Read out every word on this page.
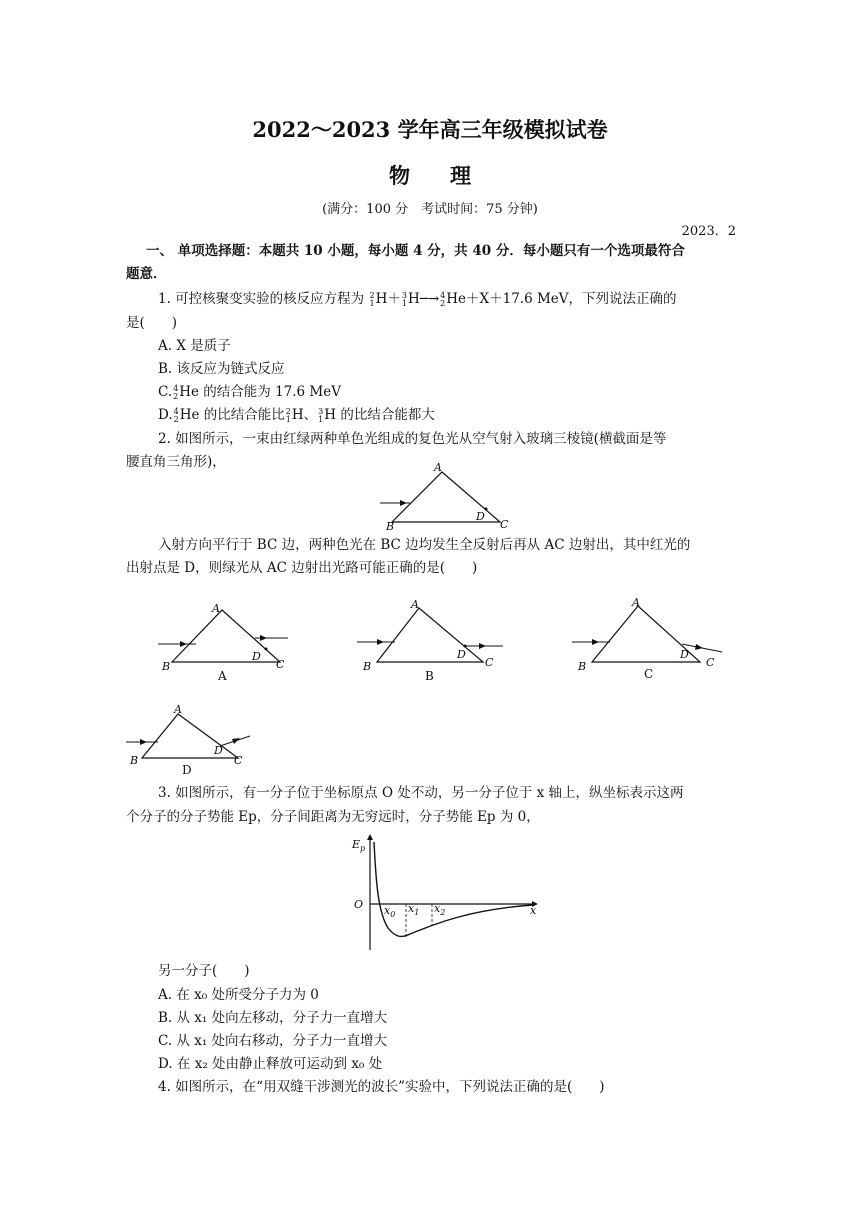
2022～2023 学年高三年级模拟试卷
物理
(满分：100 分　考试时间：75 分钟)
2023．2
一、 单项选择题：本题共 10 小题，每小题 4 分，共 40 分．每小题只有一个选项最符合
题意．
1. 可控核聚变实验的核反应方程为 2
1H＋3
1H─→4
2He＋X＋17.6 MeV，下列说法正确的
是(　　)
A. X 是质子
B. 该反应为链式反应
C.4
2He 的结合能为 17.6 MeV
D.4
2He 的比结合能比2
1H、3
1H 的比结合能都大
2. 如图所示，一束由红绿两种单色光组成的复色光从空气射入玻璃三棱镜(横截面是等
腰直角三角形)，	A
B
D
C
入射方向平行于 BC 边，两种色光在 BC 边均发生全反射后再从 AC 边射出，其中红光的
出射点是 D，则绿光从 AC 边射出光路可能正确的是(　　)
A
B
D
C
A
A
B
D
C
B
A
B
D
C
C
A
B
D
C
D
3. 如图所示，有一分子位于坐标原点 O 处不动，另一分子位于 x 轴上，纵坐标表示这两
个分子的分子势能 Ep，分子间距离为无穷远时，分子势能 Ep 为 0，
$E_p$
O	x
$x_0$ $x_1$ $x_2$
另一分子(　　)
A. 在 x₀ 处所受分子力为 0
B. 从 x₁ 处向左移动，分子力一直增大
C. 从 x₁ 处向右移动，分子力一直增大
D. 在 x₂ 处由静止释放可运动到 x₀ 处
4. 如图所示，在“用双缝干涉测光的波长”实验中，下列说法正确的是(　　)
